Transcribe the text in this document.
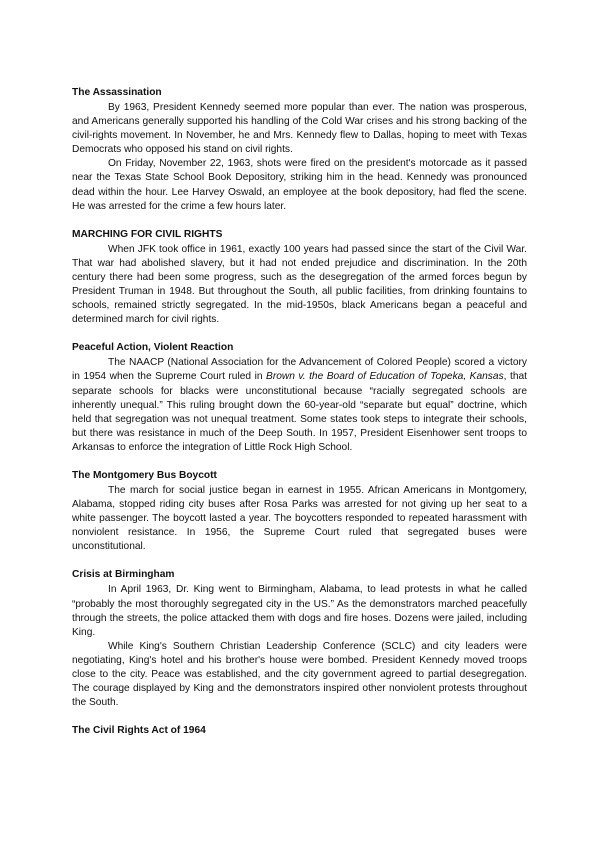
The Assassination

By 1963, President Kennedy seemed more popular than ever. The nation was prosperous, and Americans generally supported his handling of the Cold War crises and his strong backing of the civil-rights movement. In November, he and Mrs. Kennedy flew to Dallas, hoping to meet with Texas Democrats who opposed his stand on civil rights.

On Friday, November 22, 1963, shots were fired on the president's motorcade as it passed near the Texas State School Book Depository, striking him in the head. Kennedy was pronounced dead within the hour. Lee Harvey Oswald, an employee at the book depository, had fled the scene. He was arrested for the crime a few hours later.

MARCHING FOR CIVIL RIGHTS

When JFK took office in 1961, exactly 100 years had passed since the start of the Civil War. That war had abolished slavery, but it had not ended prejudice and discrimination. In the 20th century there had been some progress, such as the desegregation of the armed forces begun by President Truman in 1948. But throughout the South, all public facilities, from drinking fountains to schools, remained strictly segregated. In the mid-1950s, black Americans began a peaceful and determined march for civil rights.

Peaceful Action, Violent Reaction

The NAACP (National Association for the Advancement of Colored People) scored a victory in 1954 when the Supreme Court ruled in Brown v. the Board of Education of Topeka, Kansas, that separate schools for blacks were unconstitutional because “racially segregated schools are inherently unequal.” This ruling brought down the 60-year-old “separate but equal” doctrine, which held that segregation was not unequal treatment. Some states took steps to integrate their schools, but there was resistance in much of the Deep South. In 1957, President Eisenhower sent troops to Arkansas to enforce the integration of Little Rock High School.

The Montgomery Bus Boycott

The march for social justice began in earnest in 1955. African Americans in Montgomery, Alabama, stopped riding city buses after Rosa Parks was arrested for not giving up her seat to a white passenger. The boycott lasted a year. The boycotters responded to repeated harassment with nonviolent resistance. In 1956, the Supreme Court ruled that segregated buses were unconstitutional.

Crisis at Birmingham

In April 1963, Dr. King went to Birmingham, Alabama, to lead protests in what he called “probably the most thoroughly segregated city in the US.” As the demonstrators marched peacefully through the streets, the police attacked them with dogs and fire hoses. Dozens were jailed, including King.

While King's Southern Christian Leadership Conference (SCLC) and city leaders were negotiating, King's hotel and his brother's house were bombed. President Kennedy moved troops close to the city. Peace was established, and the city government agreed to partial desegregation. The courage displayed by King and the demonstrators inspired other nonviolent protests throughout the South.

The Civil Rights Act of 1964
